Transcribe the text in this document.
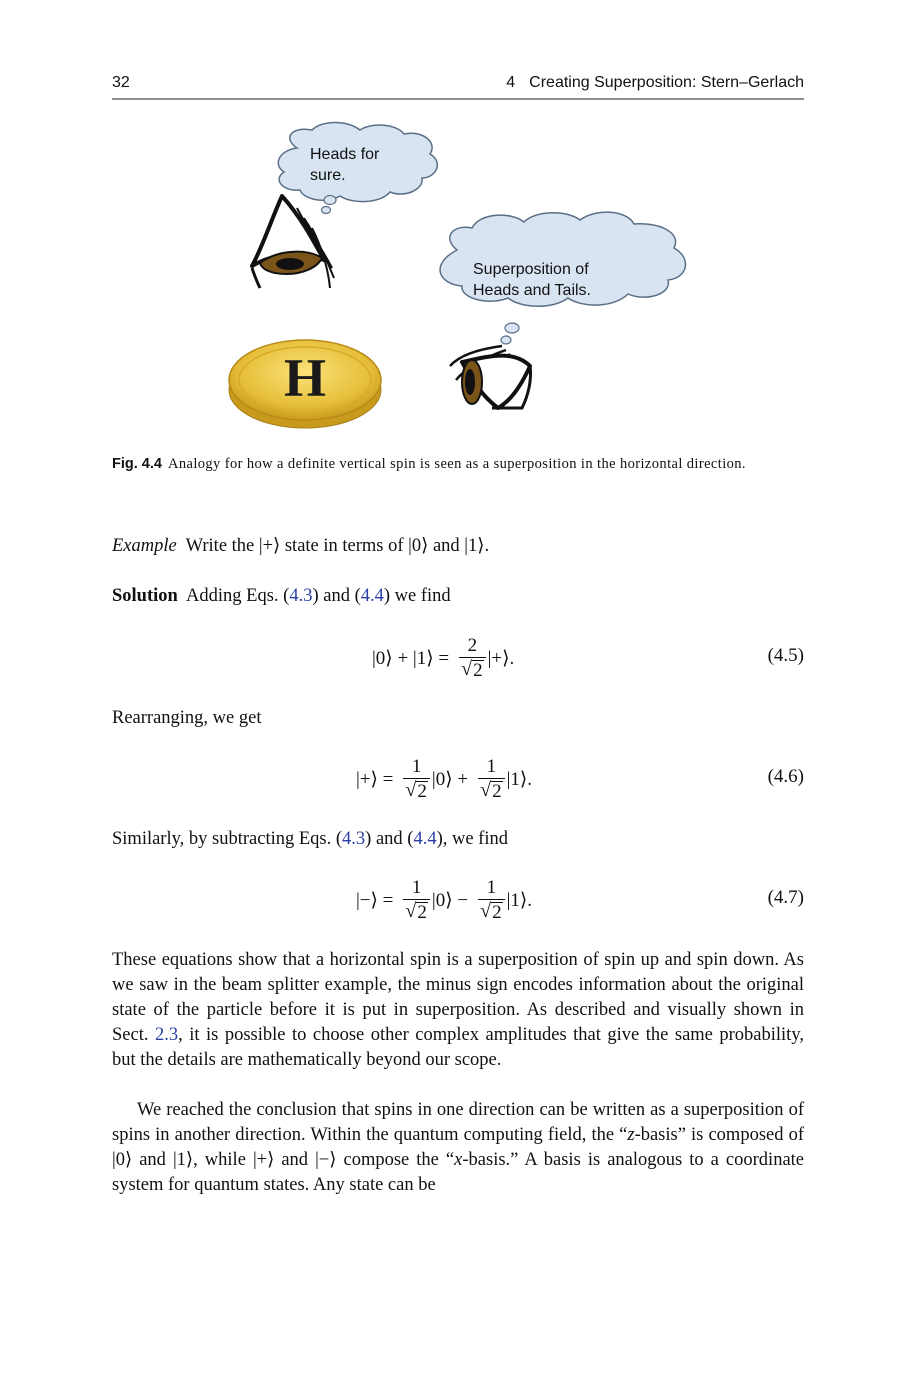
32	4 Creating Superposition: Stern–Gerlach
Heads for
sure.
Superposition of
Heads and Tails.
H
Fig. 4.4 Analogy for how a definite vertical spin is seen as a superposition in the horizontal direction.
Example Write the |+⟩ state in terms of |0⟩ and |1⟩.
Solution Adding Eqs. (4.3) and (4.4) we find
|0⟩ + |1⟩ = $\frac{2}{√ 2}$ |+⟩.	(4.5)
Rearranging, we get
|+⟩ = $\frac{1}{√ 2}$ |0⟩ + $\frac{1}{√ 2}$ |1⟩.	(4.6)
Similarly, by subtracting Eqs. (4.3) and (4.4), we find
|−⟩ = $\frac{1}{√ 2}$ |0⟩ − $\frac{1}{√ 2}$ |1⟩.	(4.7)
These equations show that a horizontal spin is a superposition of spin up and spin down. As we saw in the beam splitter example, the minus sign encodes information about the original state of the particle before it is put in superposition. As described and visually shown in Sect. 2.3, it is possible to choose other complex amplitudes that give the same probability, but the details are mathematically beyond our scope.
We reached the conclusion that spins in one direction can be written as a superposition of spins in another direction. Within the quantum computing field, the “z-basis” is composed of |0⟩ and |1⟩, while |+⟩ and |−⟩ compose the “x-basis.” A basis is analogous to a coordinate system for quantum states. Any state can be
